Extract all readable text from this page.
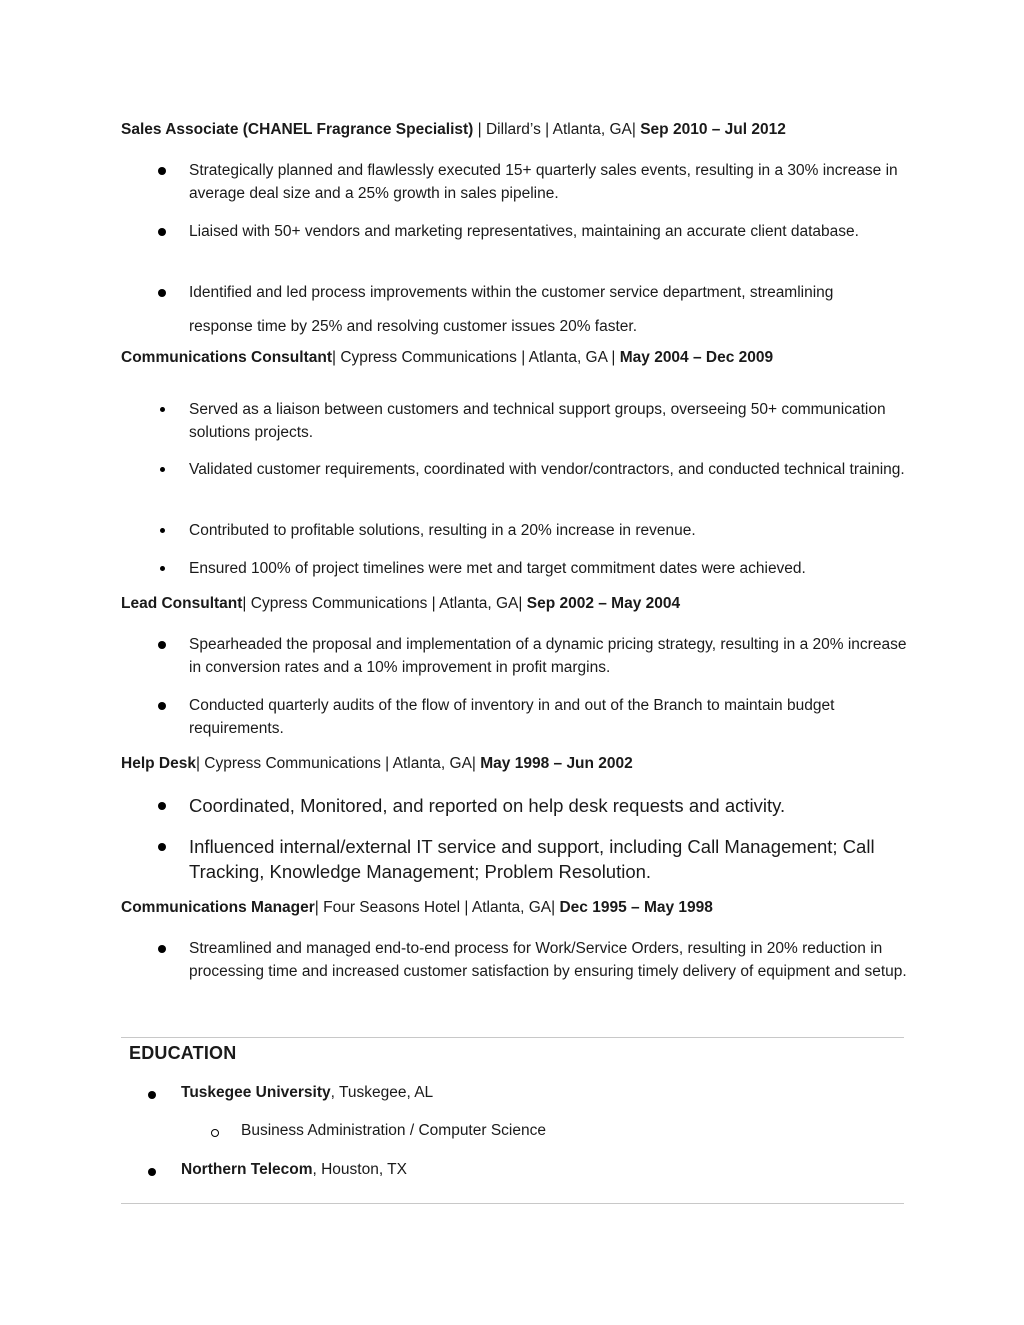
Sales Associate (CHANEL Fragrance Specialist) | Dillard’s | Atlanta, GA| Sep 2010 – Jul 2012
Strategically planned and flawlessly executed 15+ quarterly sales events, resulting in a 30% increase in average deal size and a 25% growth in sales pipeline.
Liaised with 50+ vendors and marketing representatives, maintaining an accurate client database.
Identified and led process improvements within the customer service department, streamlining
response time by 25% and resolving customer issues 20% faster.
Communications Consultant| Cypress Communications | Atlanta, GA | May 2004 – Dec 2009
Served as a liaison between customers and technical support groups, overseeing 50+ communication solutions projects.
Validated customer requirements, coordinated with vendor/contractors, and conducted technical training.
Contributed to profitable solutions, resulting in a 20% increase in revenue.
Ensured 100% of project timelines were met and target commitment dates were achieved.
Lead Consultant| Cypress Communications | Atlanta, GA| Sep 2002 – May 2004
Spearheaded the proposal and implementation of a dynamic pricing strategy, resulting in a 20% increase in conversion rates and a 10% improvement in profit margins.
Conducted quarterly audits of the flow of inventory in and out of the Branch to maintain budget requirements.
Help Desk| Cypress Communications | Atlanta, GA| May 1998 – Jun 2002
Coordinated, Monitored, and reported on help desk requests and activity.
Influenced internal/external IT service and support, including Call Management; Call Tracking, Knowledge Management; Problem Resolution.
Communications Manager| Four Seasons Hotel | Atlanta, GA| Dec 1995 – May 1998
Streamlined and managed end-to-end process for Work/Service Orders, resulting in 20% reduction in processing time and increased customer satisfaction by ensuring timely delivery of equipment and setup.
EDUCATION
Tuskegee University, Tuskegee, AL
Business Administration / Computer Science
Northern Telecom, Houston, TX
